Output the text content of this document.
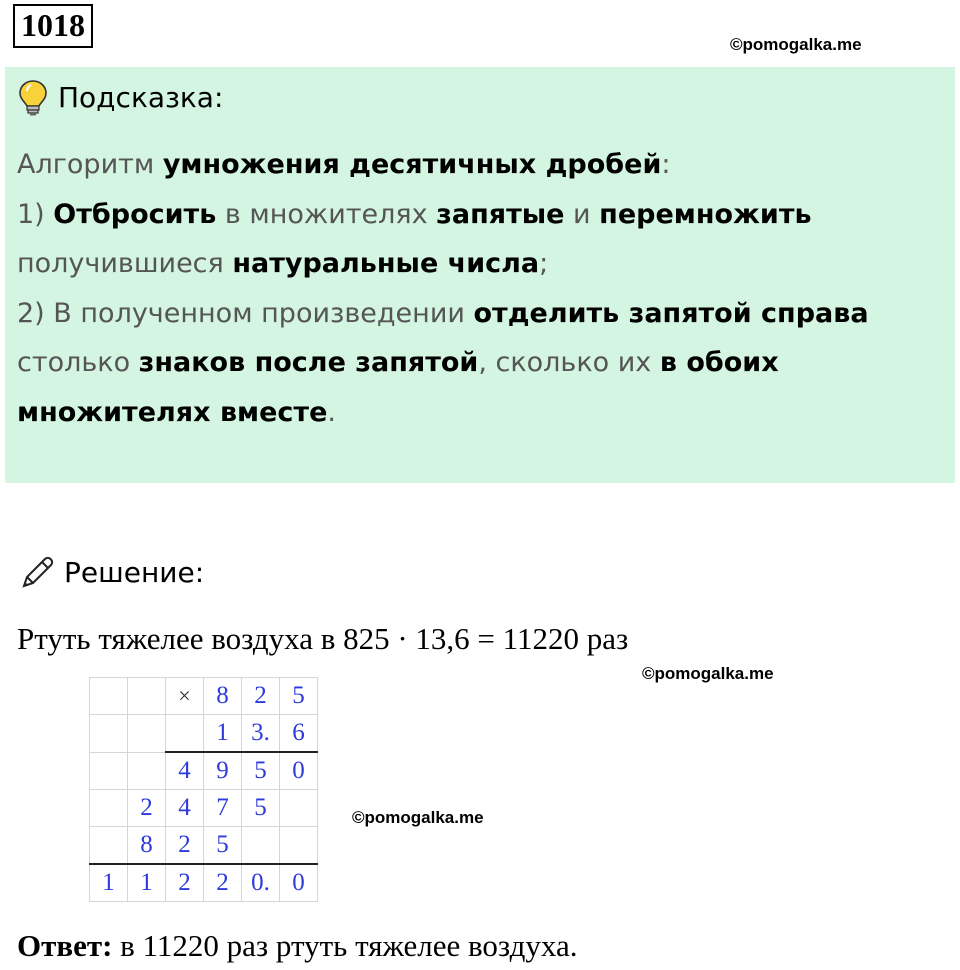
1018
©pomogalka.me
Подсказка:
Алгоритм умножения десятичных дробей:
1) Отбросить в множителях запятые и перемножить
получившиеся натуральные числа;
2) В полученном произведении отделить запятой справа
столько знаков после запятой, сколько их в обоих
множителях вместе.
Решение:
Ртуть тяжелее воздуха в 825 · 13,6 = 11220 раз
©pomogalka.me
		×	8	2	5
			1	3.	6
		4	9	5	0
	2	4	7	5	
	8	2	5		
1	1	2	2	0.	0
©pomogalka.me
Ответ: в 11220 раз ртуть тяжелее воздуха.
